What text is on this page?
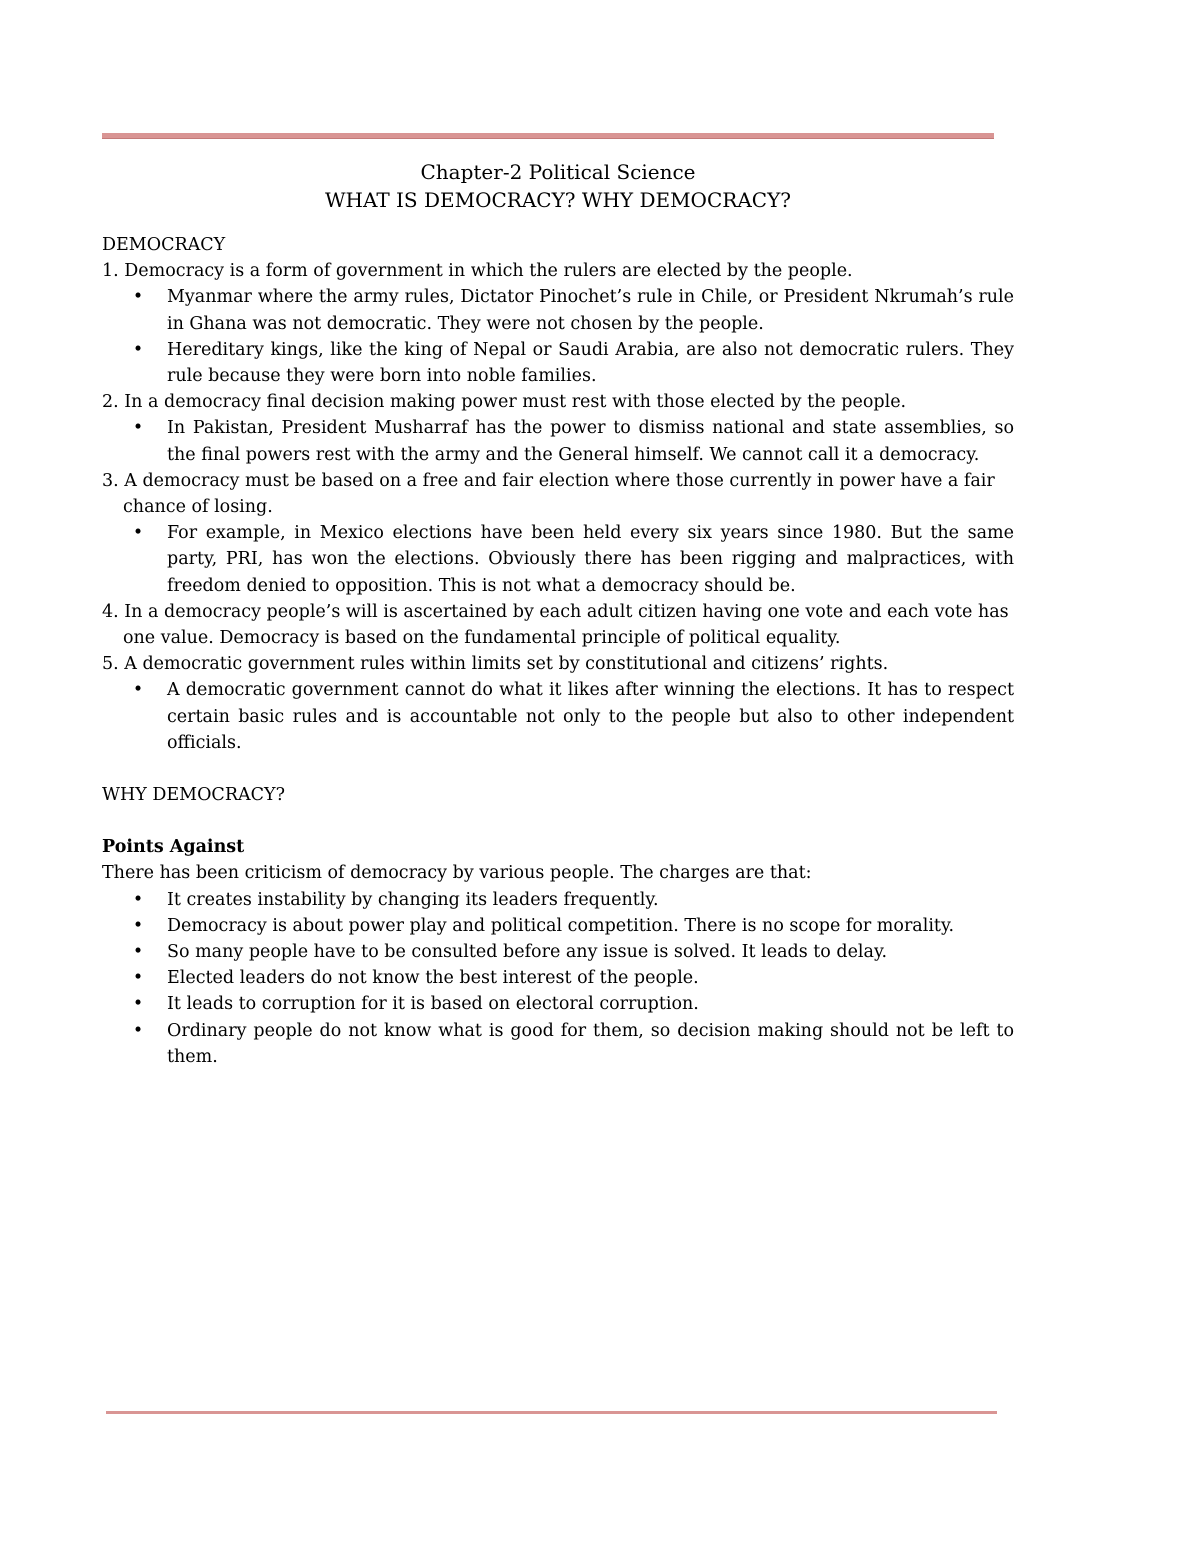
Chapter-2 Political Science
WHAT IS DEMOCRACY? WHY DEMOCRACY?

DEMOCRACY

1. Democracy is a form of government in which the rulers are elected by the people.

• Myanmar where the army rules, Dictator Pinochet’s rule in Chile, or President Nkrumah’s rule in Ghana was not democratic. They were not chosen by the people.
• Hereditary kings, like the king of Nepal or Saudi Arabia, are also not democratic rulers. They rule because they were born into noble families.

2. In a democracy final decision making power must rest with those elected by the people.

• In Pakistan, President Musharraf has the power to dismiss national and state assemblies, so the final powers rest with the army and the General himself. We cannot call it a democracy.

3. A democracy must be based on a free and fair election where those currently in power have a fair chance of losing.

• For example, in Mexico elections have been held every six years since 1980. But the same party, PRI, has won the elections. Obviously there has been rigging and malpractices, with freedom denied to opposition. This is not what a democracy should be.

4. In a democracy people’s will is ascertained by each adult citizen having one vote and each vote has one value. Democracy is based on the fundamental principle of political equality.

5. A democratic government rules within limits set by constitutional and citizens’ rights.

• A democratic government cannot do what it likes after winning the elections. It has to respect certain basic rules and is accountable not only to the people but also to other independent officials.

WHY DEMOCRACY?

Points Against

There has been criticism of democracy by various people. The charges are that:

• It creates instability by changing its leaders frequently.
• Democracy is about power play and political competition. There is no scope for morality.
• So many people have to be consulted before any issue is solved. It leads to delay.
• Elected leaders do not know the best interest of the people.
• It leads to corruption for it is based on electoral corruption.
• Ordinary people do not know what is good for them, so decision making should not be left to them.
